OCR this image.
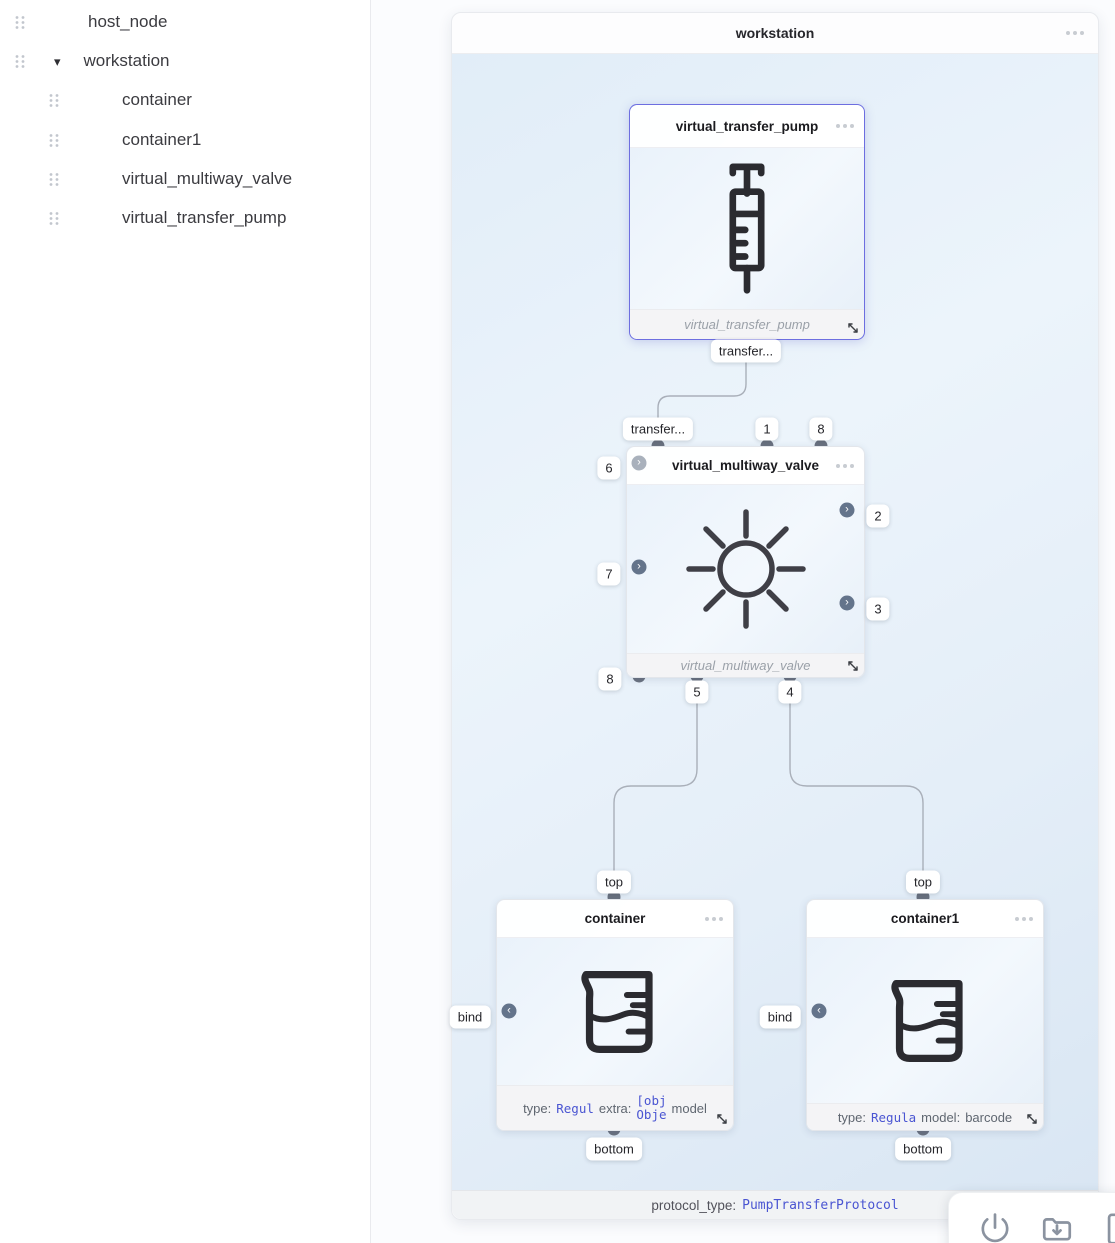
host_node
▾ workstation
container
container1
virtual_multiway_valve
virtual_transfer_pump
virtual_transfer_pump
virtual_transfer_pump
transfer...
virtual_multiway_valve
virtual_multiway_valve
›
›
›
›
transfer...	1	8
6
7
2
3
8
5	4
container
type: Regul extra:
[obj
Obje model
‹
top
bind
bottom
container1
type: Regula model: barcode
‹
top
bind
bottom
workstation
protocol_type: PumpTransferProtocol
